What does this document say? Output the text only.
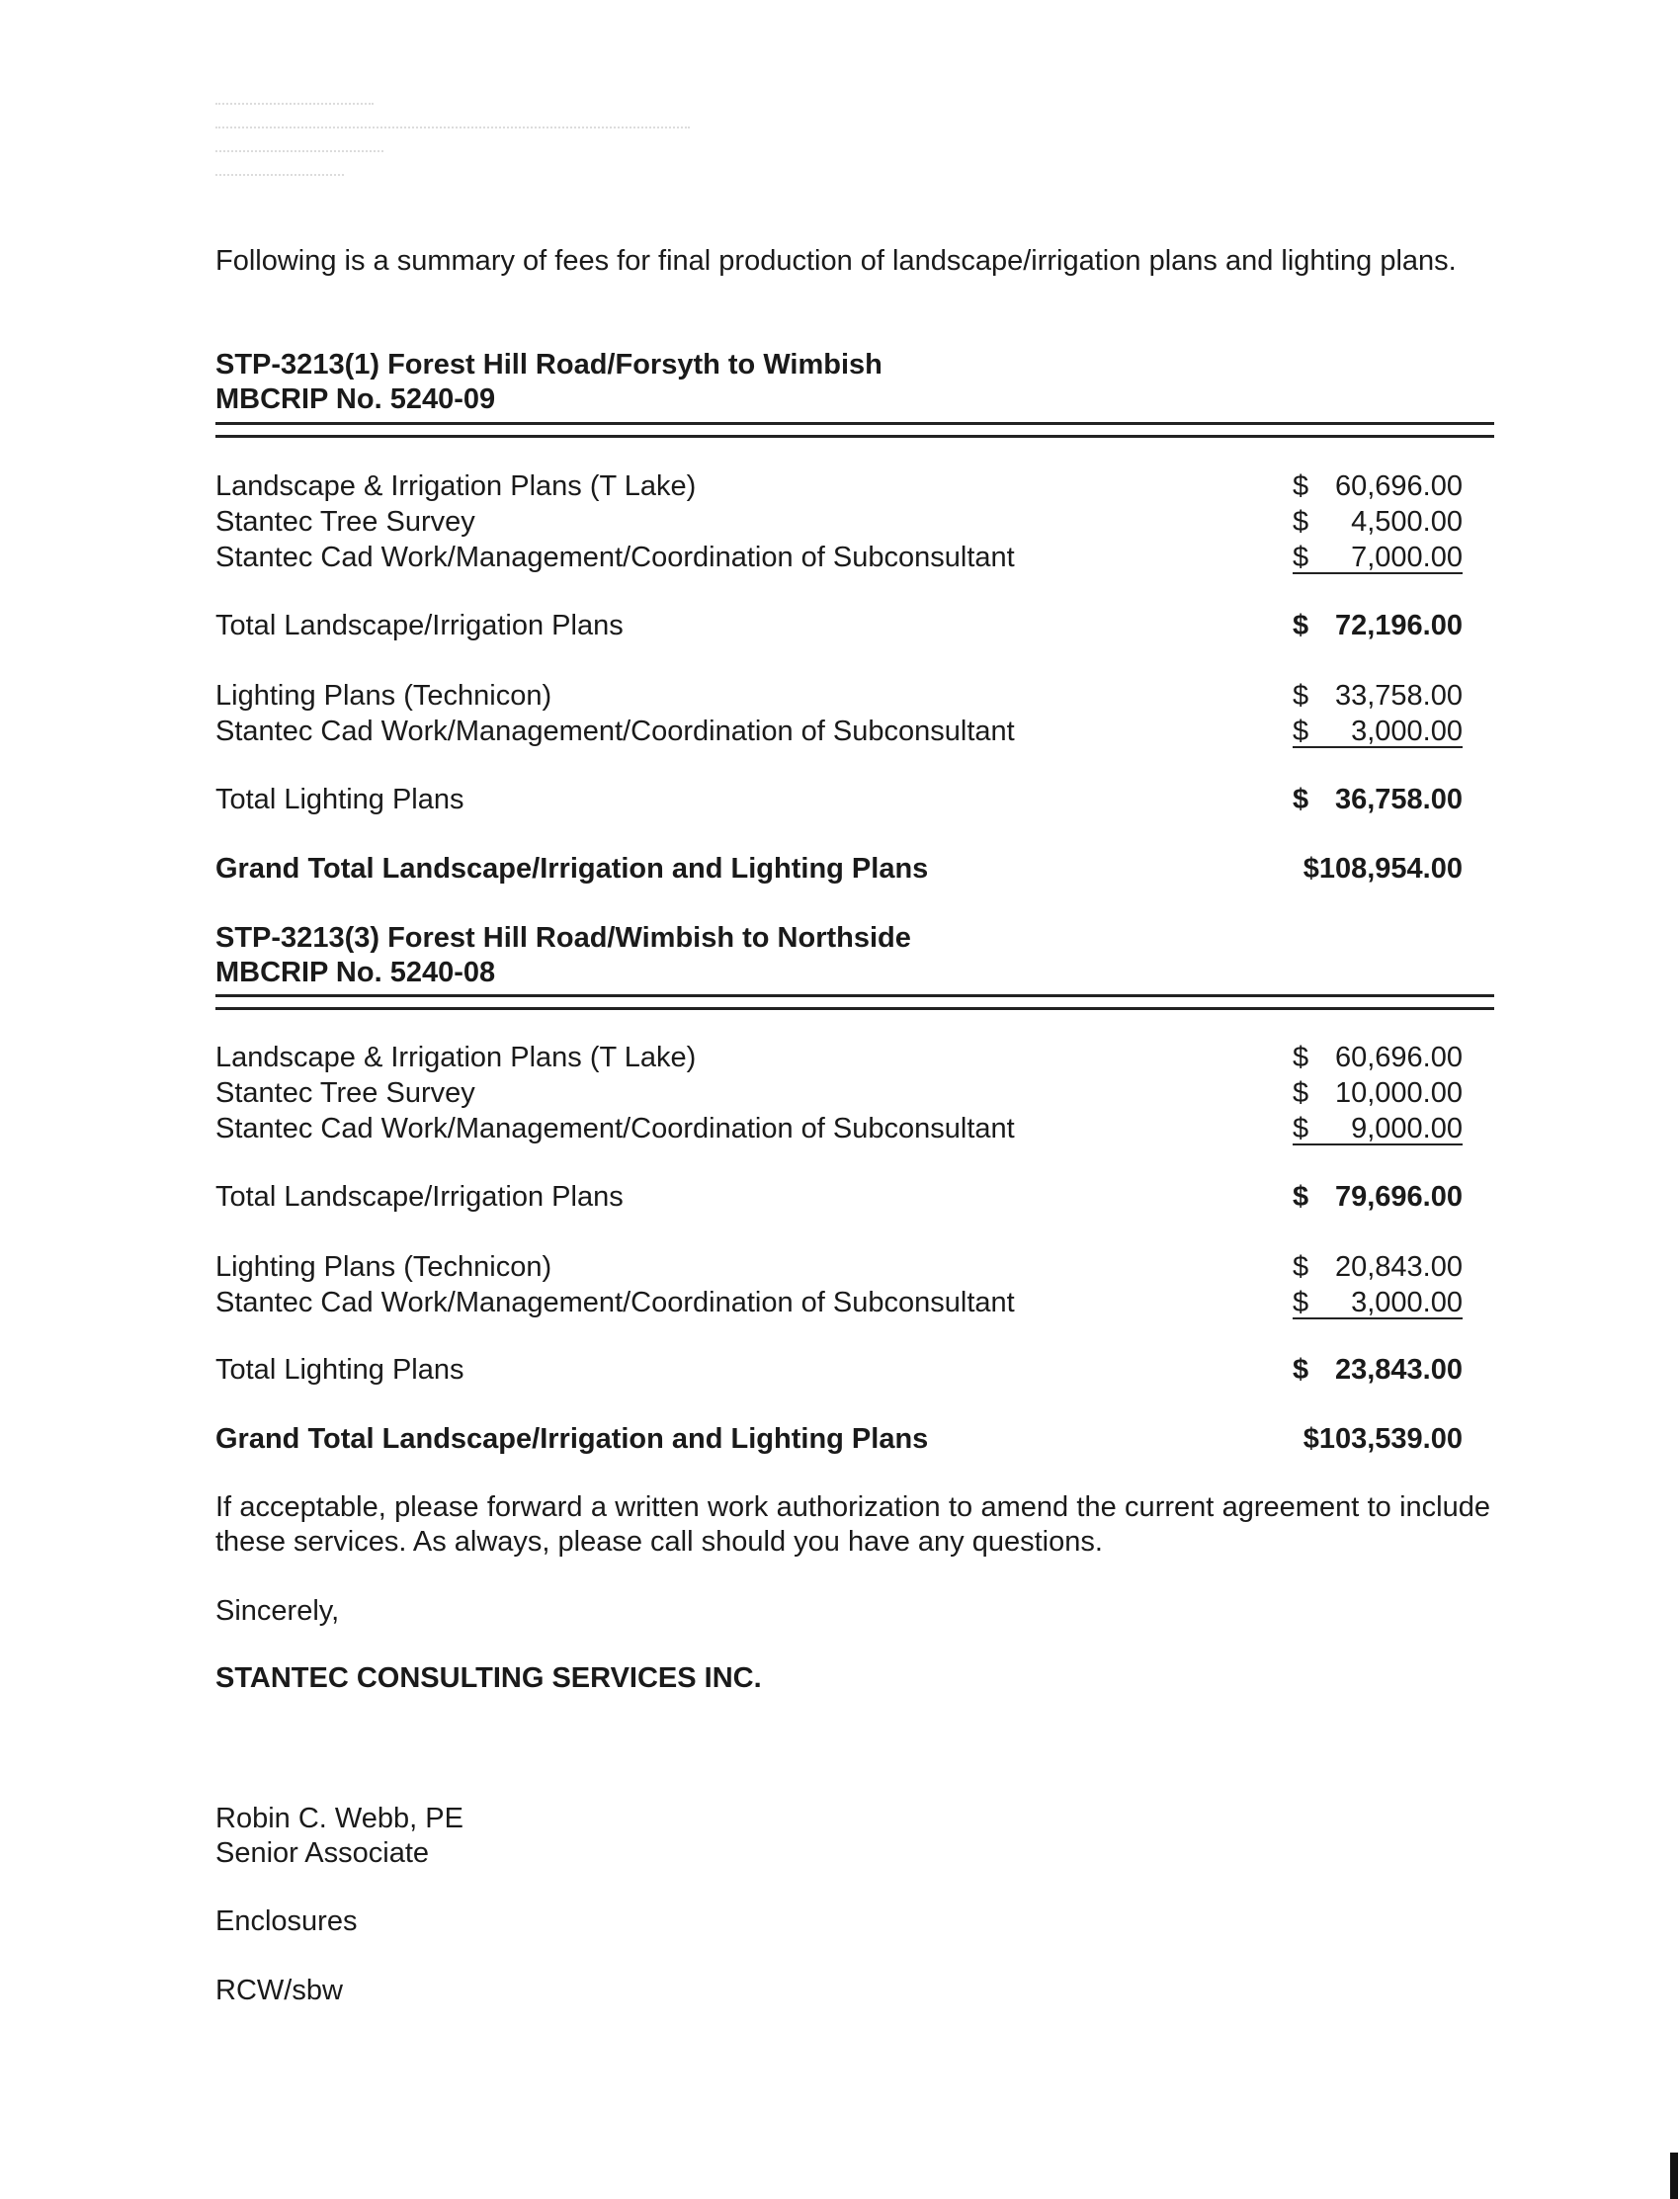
Following is a summary of fees for final production of landscape/irrigation plans and lighting plans.
STP-3213(1) Forest Hill Road/Forsyth to Wimbish
MBCRIP No. 5240-09
Landscape & Irrigation Plans (T Lake)	$ 60,696.00
Stantec Tree Survey	$ 4,500.00
Stantec Cad Work/Management/Coordination of Subconsultant	$ 7,000.00
Total Landscape/Irrigation Plans	$ 72,196.00
Lighting Plans (Technicon)	$ 33,758.00
Stantec Cad Work/Management/Coordination of Subconsultant	$ 3,000.00
Total Lighting Plans	$ 36,758.00
Grand Total Landscape/Irrigation and Lighting Plans	$108,954.00
STP-3213(3) Forest Hill Road/Wimbish to Northside
MBCRIP No. 5240-08
Landscape & Irrigation Plans (T Lake)	$ 60,696.00
Stantec Tree Survey	$ 10,000.00
Stantec Cad Work/Management/Coordination of Subconsultant	$ 9,000.00
Total Landscape/Irrigation Plans	$ 79,696.00
Lighting Plans (Technicon)	$ 20,843.00
Stantec Cad Work/Management/Coordination of Subconsultant	$ 3,000.00
Total Lighting Plans	$ 23,843.00
Grand Total Landscape/Irrigation and Lighting Plans	$103,539.00
If acceptable, please forward a written work authorization to amend the current agreement to include these services. As always, please call should you have any questions.
Sincerely,
STANTEC CONSULTING SERVICES INC.
Robin C. Webb, PE
Senior Associate
Enclosures
RCW/sbw
